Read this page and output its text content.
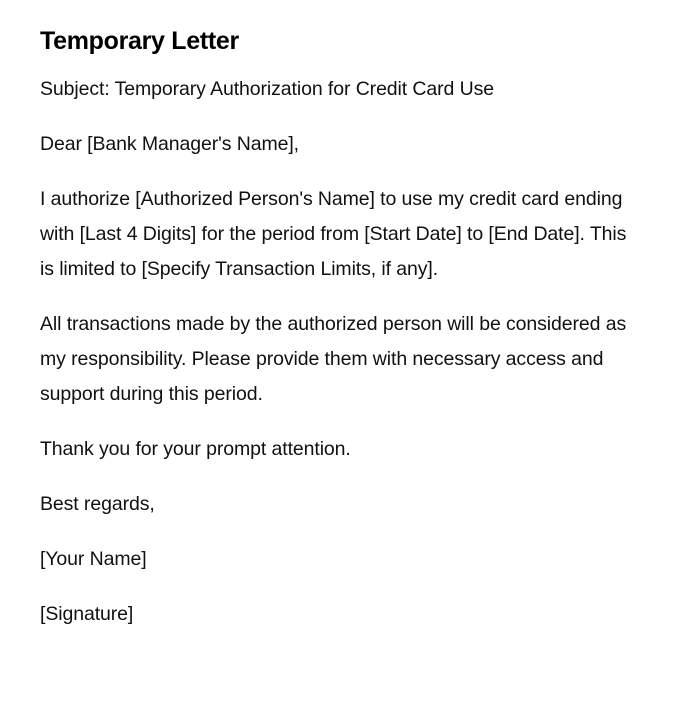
Temporary Letter

Subject: Temporary Authorization for Credit Card Use

Dear [Bank Manager's Name],

I authorize [Authorized Person's Name] to use my credit card ending with [Last 4 Digits] for the period from [Start Date] to [End Date]. This is limited to [Specify Transaction Limits, if any].

All transactions made by the authorized person will be considered as my responsibility. Please provide them with necessary access and support during this period.

Thank you for your prompt attention.

Best regards,

[Your Name]

[Signature]
